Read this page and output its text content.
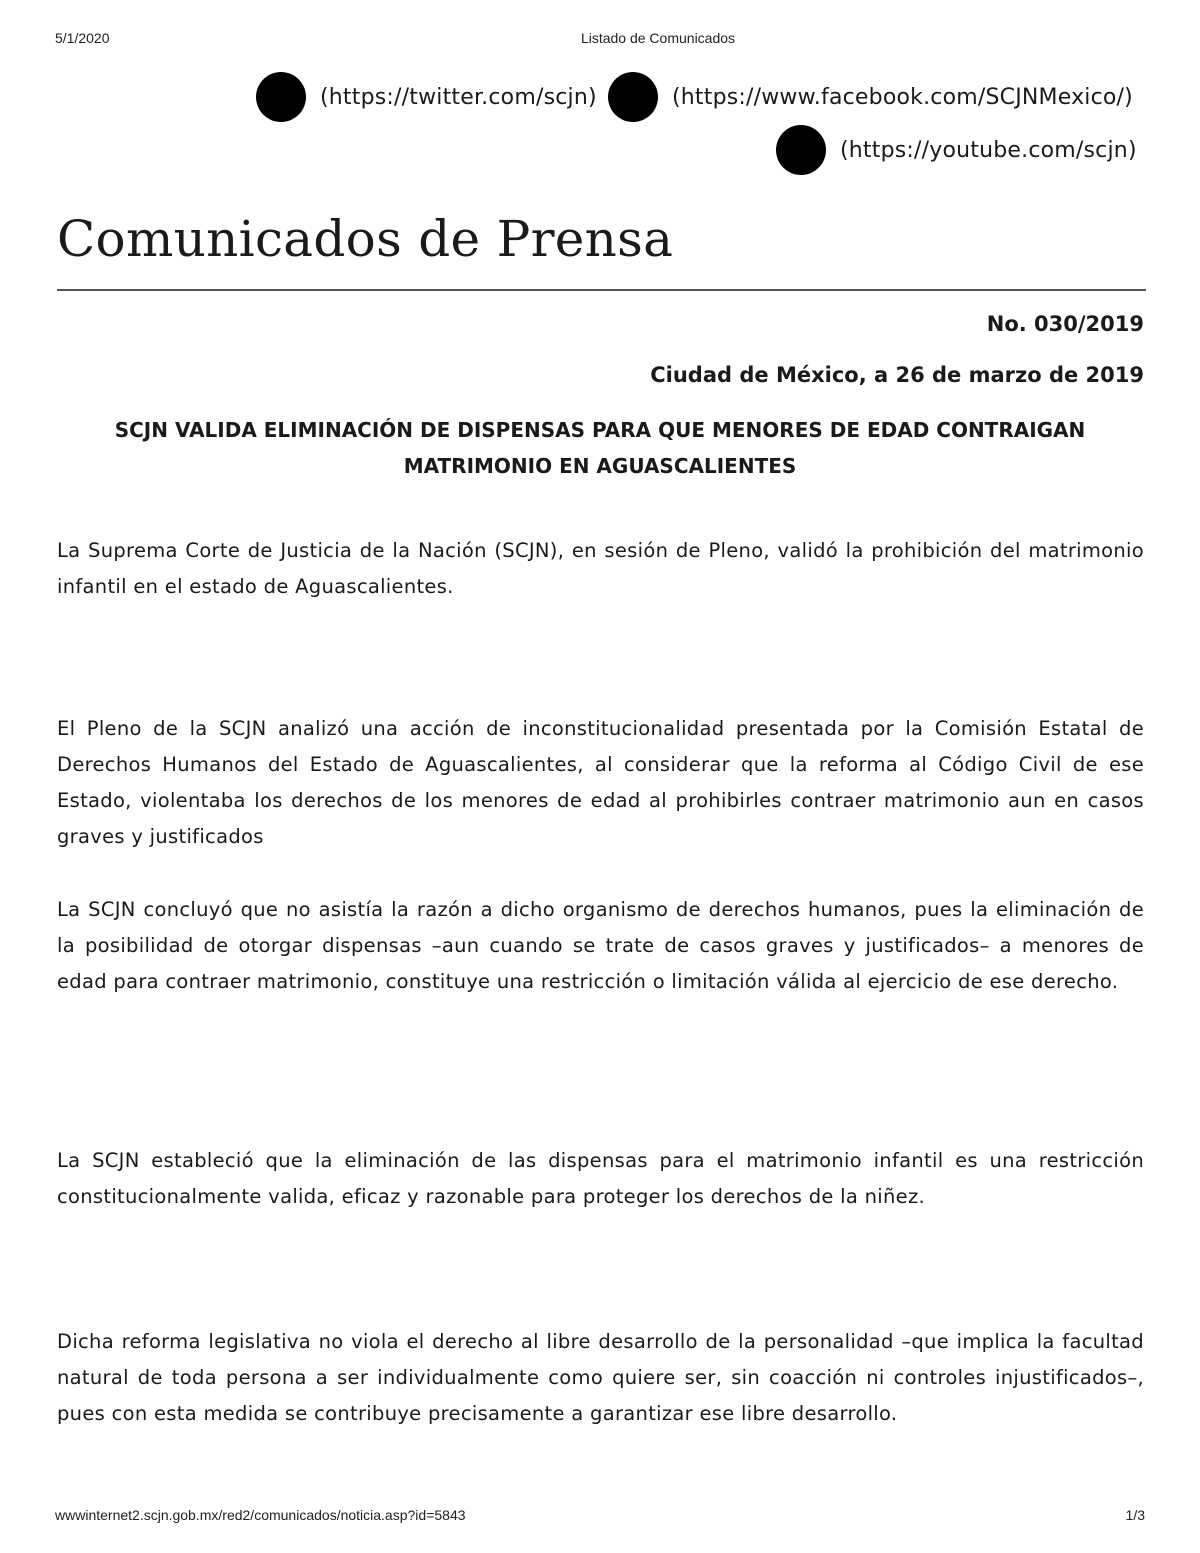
5/1/2020	Listado de Comunicados
(https://twitter.com/scjn)	(https://www.facebook.com/SCJNMexico/)
(https://youtube.com/scjn)
Comunicados de Prensa
No. 030/2019
Ciudad de México, a 26 de marzo de 2019
SCJN VALIDA ELIMINACIÓN DE DISPENSAS PARA QUE MENORES DE EDAD CONTRAIGAN MATRIMONIO EN AGUASCALIENTES

La Suprema Corte de Justicia de la Nación (SCJN), en sesión de Pleno, validó la prohibición del matrimonio infantil en el estado de Aguascalientes.

El Pleno de la SCJN analizó una acción de inconstitucionalidad presentada por la Comisión Estatal de Derechos Humanos del Estado de Aguascalientes, al considerar que la reforma al Código Civil de ese Estado, violentaba los derechos de los menores de edad al prohibirles contraer matrimonio aun en casos graves y justificados

La SCJN concluyó que no asistía la razón a dicho organismo de derechos humanos, pues la eliminación de la posibilidad de otorgar dispensas –aun cuando se trate de casos graves y justificados– a menores de edad para contraer matrimonio, constituye una restricción o limitación válida al ejercicio de ese derecho.

La SCJN estableció que la eliminación de las dispensas para el matrimonio infantil es una restricción constitucionalmente valida, eficaz y razonable para proteger los derechos de la niñez.

Dicha reforma legislativa no viola el derecho al libre desarrollo de la personalidad –que implica la facultad natural de toda persona a ser individualmente como quiere ser, sin coacción ni controles injustificados–, pues con esta medida se contribuye precisamente a garantizar ese libre desarrollo.

wwwinternet2.scjn.gob.mx/red2/comunicados/noticia.asp?id=5843	1/3
